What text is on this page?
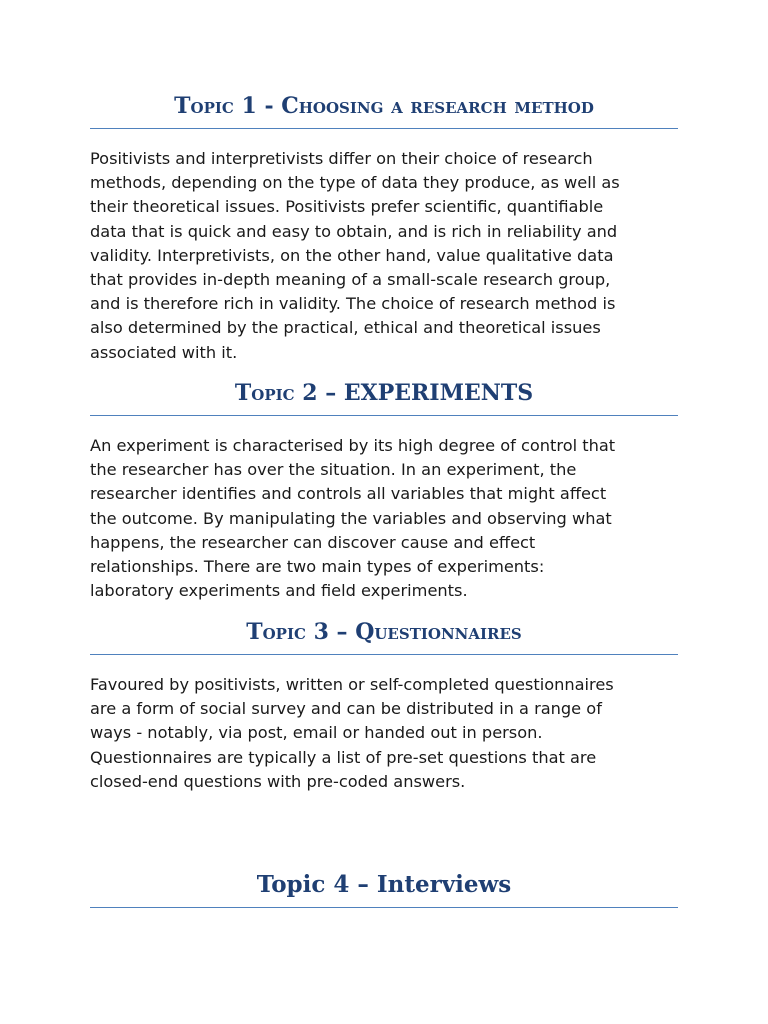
Topic 1 - Choosing a research method
Positivists and interpretivists differ on their choice of research
methods, depending on the type of data they produce, as well as
their theoretical issues. Positivists prefer scientific, quantifiable
data that is quick and easy to obtain, and is rich in reliability and
validity. Interpretivists, on the other hand, value qualitative data
that provides in-depth meaning of a small-scale research group,
and is therefore rich in validity. The choice of research method is
also determined by the practical, ethical and theoretical issues
associated with it.
Topic 2 – EXPERIMENTS
An experiment is characterised by its high degree of control that
the researcher has over the situation. In an experiment, the
researcher identifies and controls all variables that might affect
the outcome. By manipulating the variables and observing what
happens, the researcher can discover cause and effect
relationships. There are two main types of experiments:
laboratory experiments and field experiments.
Topic 3 – Questionnaires
Favoured by positivists, written or self-completed questionnaires
are a form of social survey and can be distributed in a range of
ways - notably, via post, email or handed out in person.
Questionnaires are typically a list of pre-set questions that are
closed-end questions with pre-coded answers.
Topic 4 – Interviews
